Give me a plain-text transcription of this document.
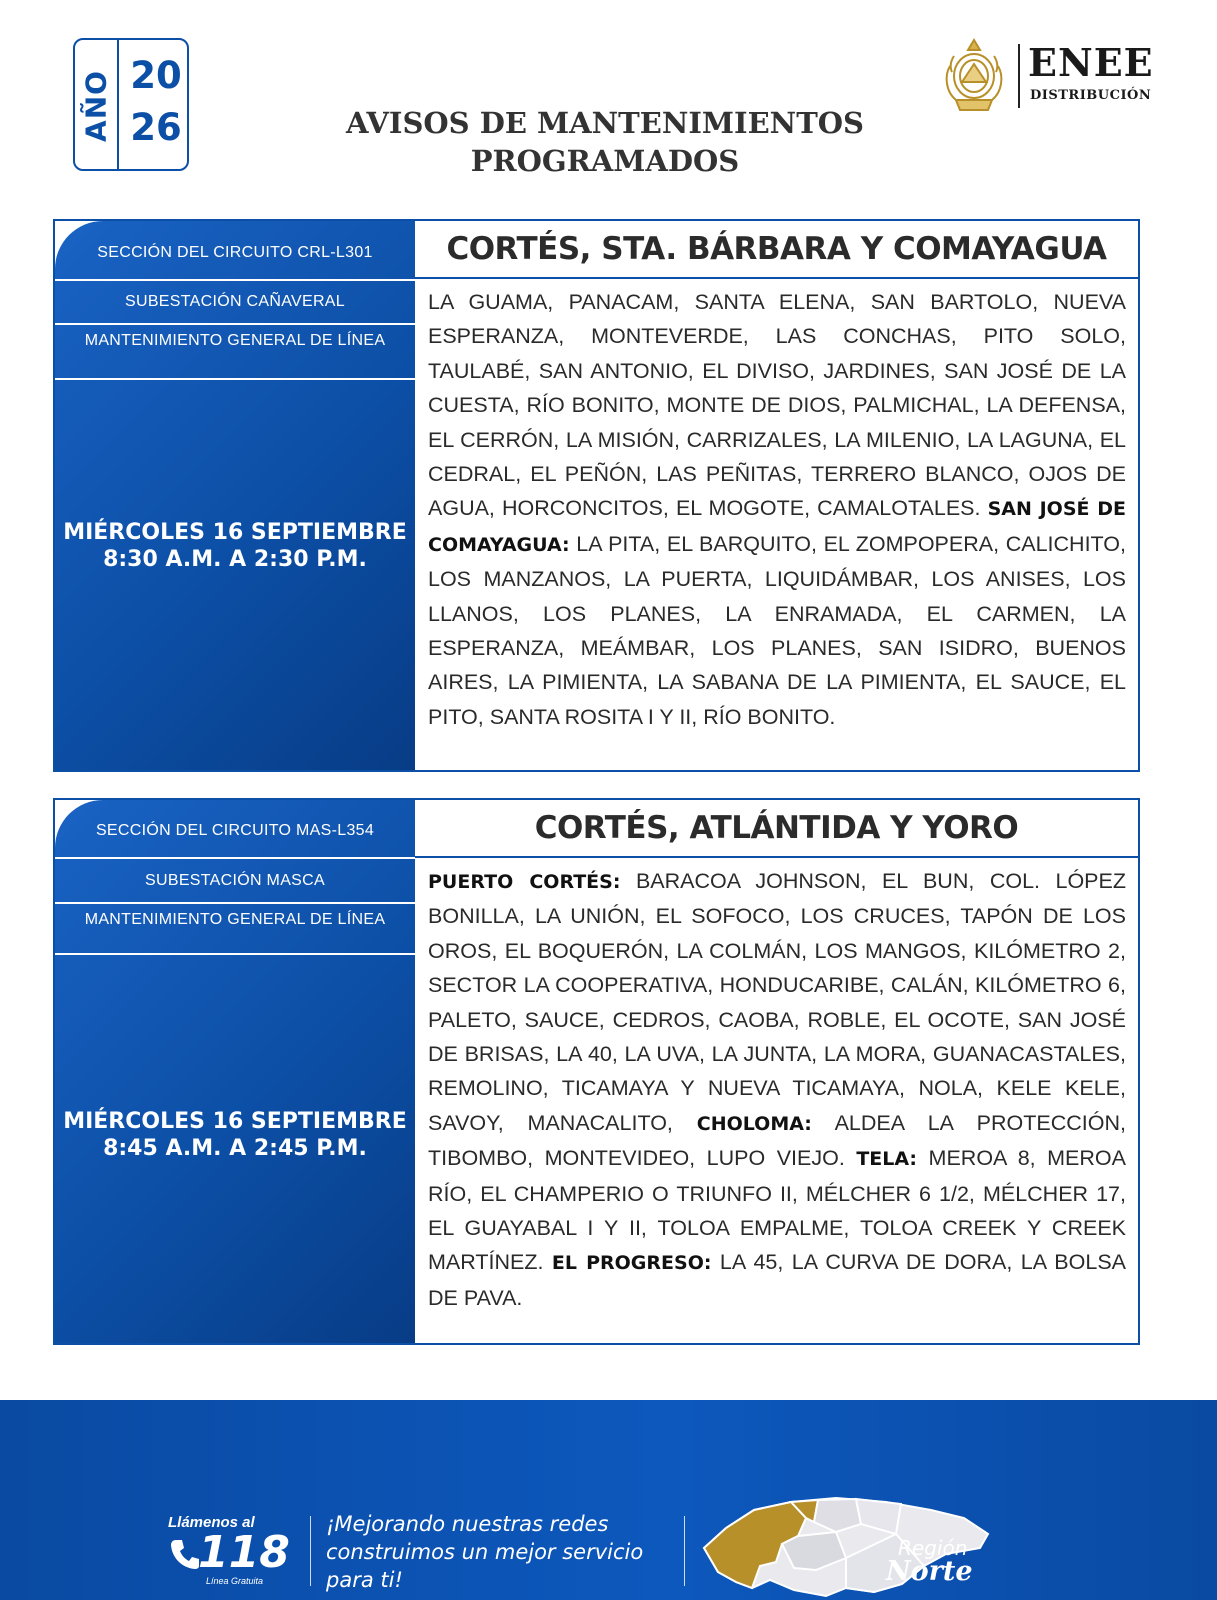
AÑO 20
26	AVISOS DE MANTENIMIENTOS
PROGRAMADOS
ENEE
DISTRIBUCIÓN
SECCIÓN DEL CIRCUITO CRL-L301
SUBESTACIÓN CAÑAVERAL
MANTENIMIENTO GENERAL DE LÍNEA
MIÉRCOLES 16 SEPTIEMBRE
8:30 A.M. A 2:30 P.M.
CORTÉS, STA. BÁRBARA Y COMAYAGUA
LA GUAMA, PANACAM, SANTA ELENA, SAN BARTOLO, NUEVA ESPERANZA, MONTEVERDE, LAS CONCHAS, PITO SOLO, TAULABÉ, SAN ANTONIO, EL DIVISO, JARDINES, SAN JOSÉ DE LA CUESTA, RÍO BONITO, MONTE DE DIOS, PALMICHAL, LA DEFENSA, EL CERRÓN, LA MISIÓN, CARRIZALES, LA MILENIO, LA LAGUNA, EL CEDRAL, EL PEÑÓN, LAS PEÑITAS, TERRERO BLANCO, OJOS DE AGUA, HORCONCITOS, EL MOGOTE, CAMALOTALES. SAN JOSÉ DE COMAYAGUA: LA PITA, EL BARQUITO, EL ZOMPOPERA, CALICHITO, LOS MANZANOS, LA PUERTA, LIQUIDÁMBAR, LOS ANISES, LOS LLANOS, LOS PLANES, LA ENRAMADA, EL CARMEN, LA ESPERANZA, MEÁMBAR, LOS PLANES, SAN ISIDRO, BUENOS AIRES, LA PIMIENTA, LA SABANA DE LA PIMIENTA, EL SAUCE, EL PITO, SANTA ROSITA I Y II, RÍO BONITO.
SECCIÓN DEL CIRCUITO MAS-L354
SUBESTACIÓN MASCA
MANTENIMIENTO GENERAL DE LÍNEA
MIÉRCOLES 16 SEPTIEMBRE
8:45 A.M. A 2:45 P.M.
CORTÉS, ATLÁNTIDA Y YORO
PUERTO CORTÉS: BARACOA JOHNSON, EL BUN, COL. LÓPEZ BONILLA, LA UNIÓN, EL SOFOCO, LOS CRUCES, TAPÓN DE LOS OROS, EL BOQUERÓN, LA COLMÁN, LOS MANGOS, KILÓMETRO 2, SECTOR LA COOPERATIVA, HONDUCARIBE, CALÁN, KILÓMETRO 6, PALETO, SAUCE, CEDROS, CAOBA, ROBLE, EL OCOTE, SAN JOSÉ DE BRISAS, LA 40, LA UVA, LA JUNTA, LA MORA, GUANACASTALES, REMOLINO, TICAMAYA Y NUEVA TICAMAYA, NOLA, KELE KELE, SAVOY, MANACALITO, CHOLOMA: ALDEA LA PROTECCIÓN, TIBOMBO, MONTEVIDEO, LUPO VIEJO. TELA: MEROA 8, MEROA RÍO, EL CHAMPERIO O TRIUNFO II, MÉLCHER 6 1/2, MÉLCHER 17, EL GUAYABAL I Y II, TOLOA EMPALME, TOLOA CREEK Y CREEK MARTÍNEZ. EL PROGRESO: LA 45, LA CURVA DE DORA, LA BOLSA DE PAVA.
Llámenos al
118
Línea Gratuita
¡Mejorando nuestras redes construimos un mejor servicio para ti!
Región
Norte
